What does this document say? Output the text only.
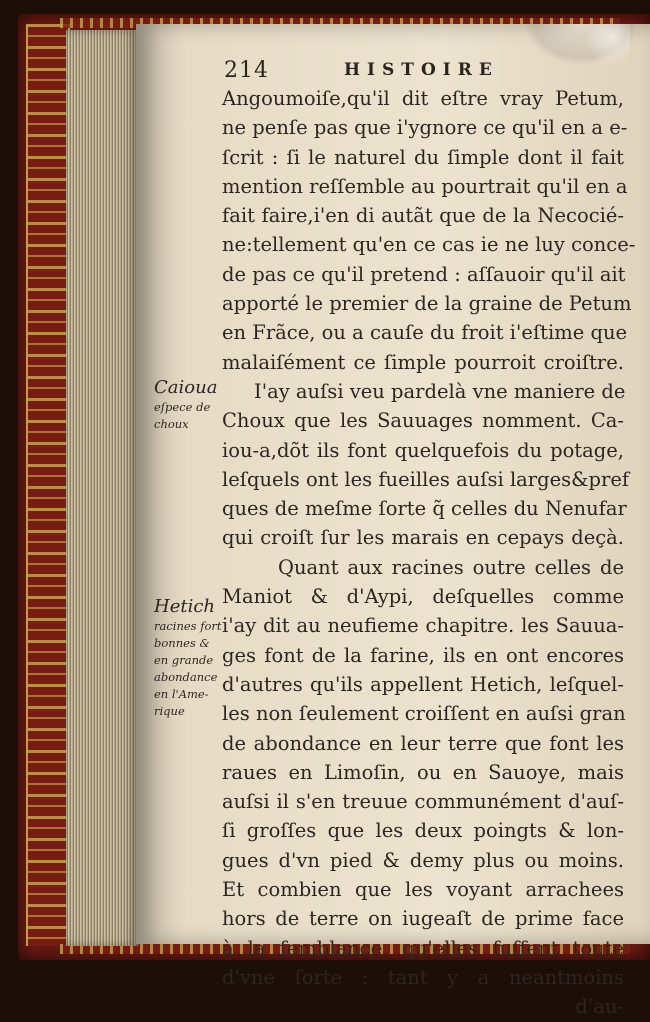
214	HISTOIRE
Angoumoiſe,qu'il dit eſtre vray Petum,
ne penſe pas que i'ygnore ce qu'il en a e-
ſcrit : ſi le naturel du ſimple dont il fait
mention reſſemble au pourtrait qu'il en a
fait faire,i'en di autãt que de la Necocié-
ne:tellement qu'en ce cas ie ne luy conce-
de pas ce qu'il pretend : aſſauoir qu'il ait
apporté le premier de la graine de Petum
en Frãce, ou a cauſe du froit i'eſtime que
malaiſément ce ſimple pourroit croiſtre.
I'ay auſsi veu pardelà vne maniere de
Choux que les Sauuages nomment. Ca-
iou-a,dõt ils font quelquefois du potage,
leſquels ont les fueilles auſsi larges&pref
ques de meſme ſorte q̃ celles du Nenufar
qui croiſt ſur les marais en cepays deçà.
Quant aux racines outre celles de
Maniot & d'Aypi, deſquelles comme
i'ay dit au neufieme chapitre. les Sauua-
ges font de la farine, ils en ont encores
d'autres qu'ils appellent Hetich, leſquel-
les non ſeulement croiſſent en auſsi gran
de abondance en leur terre que font les
raues en Limoſin, ou en Sauoye, mais
auſsi il s'en treuue communément d'auſ-
ſi groſſes que les deux poingts & lon-
gues d'vn pied & demy plus ou moins.
Et combien que les voyant arrachees
hors de terre on iugeaſt de prime face
à la ſemblance, qu'elles fuſſent toute
d'vne ſorte : tant y a neantmoins
d'au-
Caiouа
eſpece de
choux
Hetich
racines fort
bonnes &
en grande
abondance
en l'Ame-
rique
